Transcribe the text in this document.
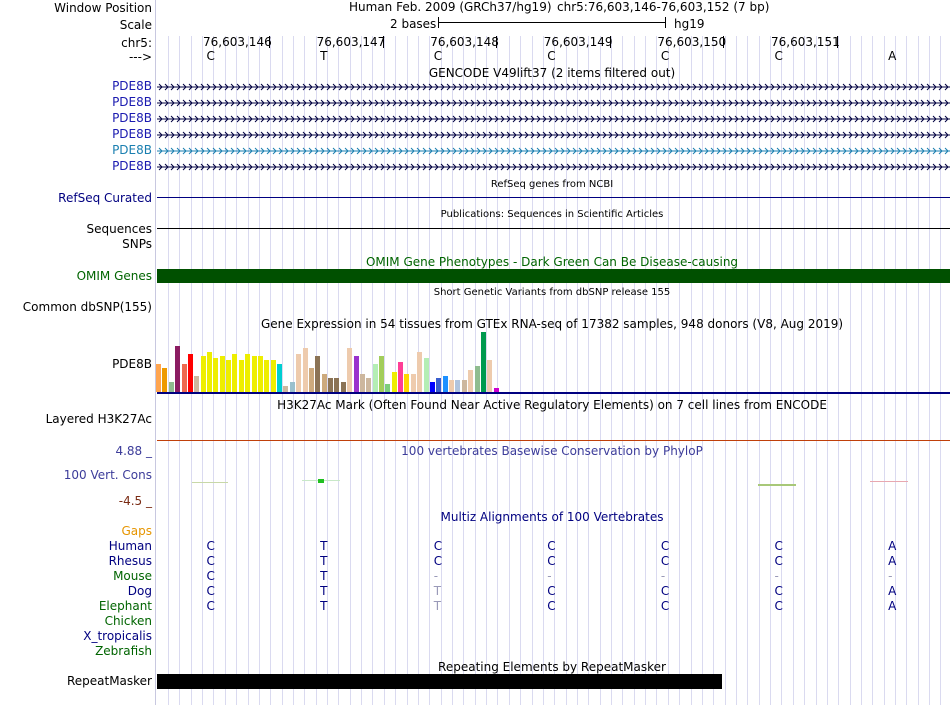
Window Position	Human Feb. 2009 (GRCh37/hg19) chr5:76,603,146-76,603,152 (7 bp)
Scale	2 bases	hg19
chr5:	76,603,146	76,603,147	76,603,148	76,603,149	76,603,150	76,603,151
--->	C	T	C	C	C	C	A
GENCODE V49lift37 (2 items filtered out)
PDE8B
PDE8B
PDE8B
PDE8B
PDE8B
PDE8B
RefSeq genes from NCBI
RefSeq Curated
Publications: Sequences in Scientific Articles
Sequences
SNPs
OMIM Gene Phenotypes - Dark Green Can Be Disease-causing
OMIM Genes
Short Genetic Variants from dbSNP release 155
Common dbSNP(155)
Gene Expression in 54 tissues from GTEx RNA-seq of 17382 samples, 948 donors (V8, Aug 2019)
PDE8B
H3K27Ac Mark (Often Found Near Active Regulatory Elements) on 7 cell lines from ENCODE
Layered H3K27Ac
100 vertebrates Basewise Conservation by PhyloP
4.88 _
100 Vert. Cons
-4.5 _
Multiz Alignments of 100 Vertebrates
Gaps
Human	C	T	C	C	C	C	A
Rhesus	C	T	C	C	C	C	A
Mouse	C	T	-	-	-	-	-
Dog	C	T	T	C	C	C	A
Elephant	C	T	T	C	C	C	A
Chicken
X_tropicalis
Zebrafish
Repeating Elements by RepeatMasker
RepeatMasker
